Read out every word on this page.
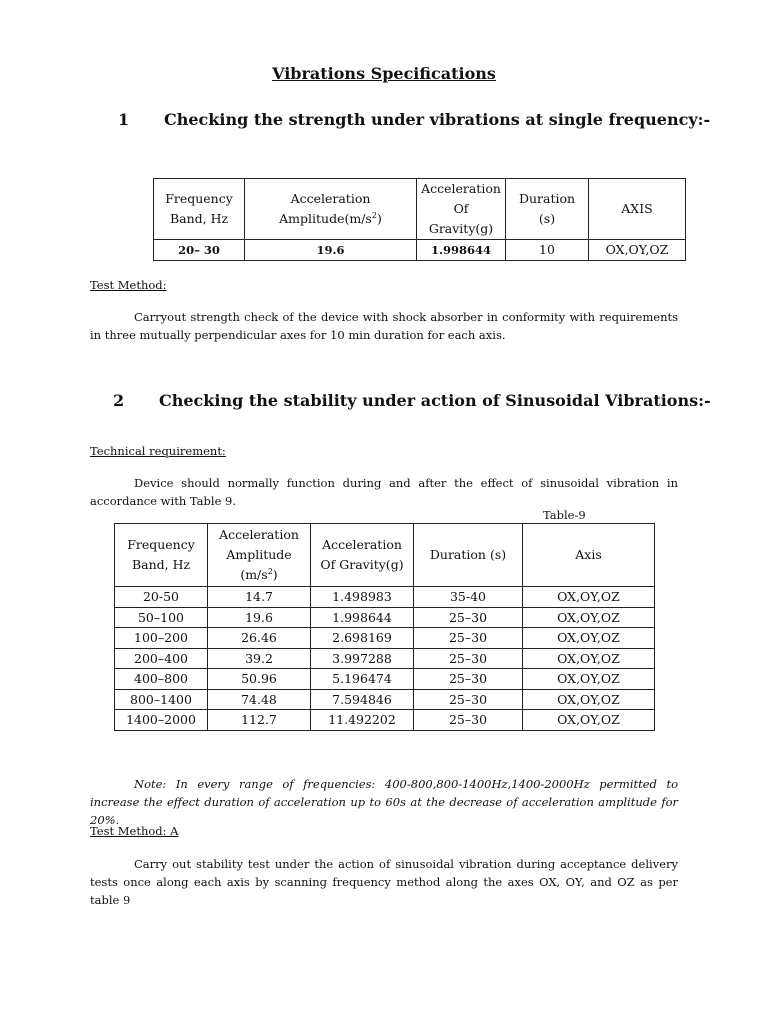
Vibrations Specifications
1 Checking the strength under vibrations at single frequency:-
Frequency Band, Hz	Acceleration $Amplitude(m/s^2)$	Acceleration Of Gravity(g)	Duration (s)	AXIS
20– 30	19.6	1.998644	10	OX,OY,OZ
Test Method:
Carryout strength check of the device with shock absorber in conformity with requirements in three mutually perpendicular axes for 10 min duration for each axis.
2 Checking the stability under action of Sinusoidal Vibrations:-
Technical requirement:
Device should normally function during and after the effect of sinusoidal vibration in accordance with Table 9.
Table-9
Frequency Band, Hz	Acceleration Amplitude $(m/s^2)$	Acceleration Of Gravity(g)	Duration (s)	Axis
20-50	14.7	1.498983	35-40	OX,OY,OZ
50–100	19.6	1.998644	25–30	OX,OY,OZ
100–200	26.46	2.698169	25–30	OX,OY,OZ
200–400	39.2	3.997288	25–30	OX,OY,OZ
400–800	50.96	5.196474	25–30	OX,OY,OZ
800–1400	74.48	7.594846	25–30	OX,OY,OZ
1400–2000	112.7	11.492202	25–30	OX,OY,OZ
Note: In every range of frequencies: 400-800,800-1400Hz,1400-2000Hz permitted to increase the effect duration of acceleration up to 60s at the decrease of acceleration amplitude for 20%.
Test Method: A
Carry out stability test under the action of sinusoidal vibration during acceptance delivery tests once along each axis by scanning frequency method along the axes OX, OY, and OZ as per table 9
